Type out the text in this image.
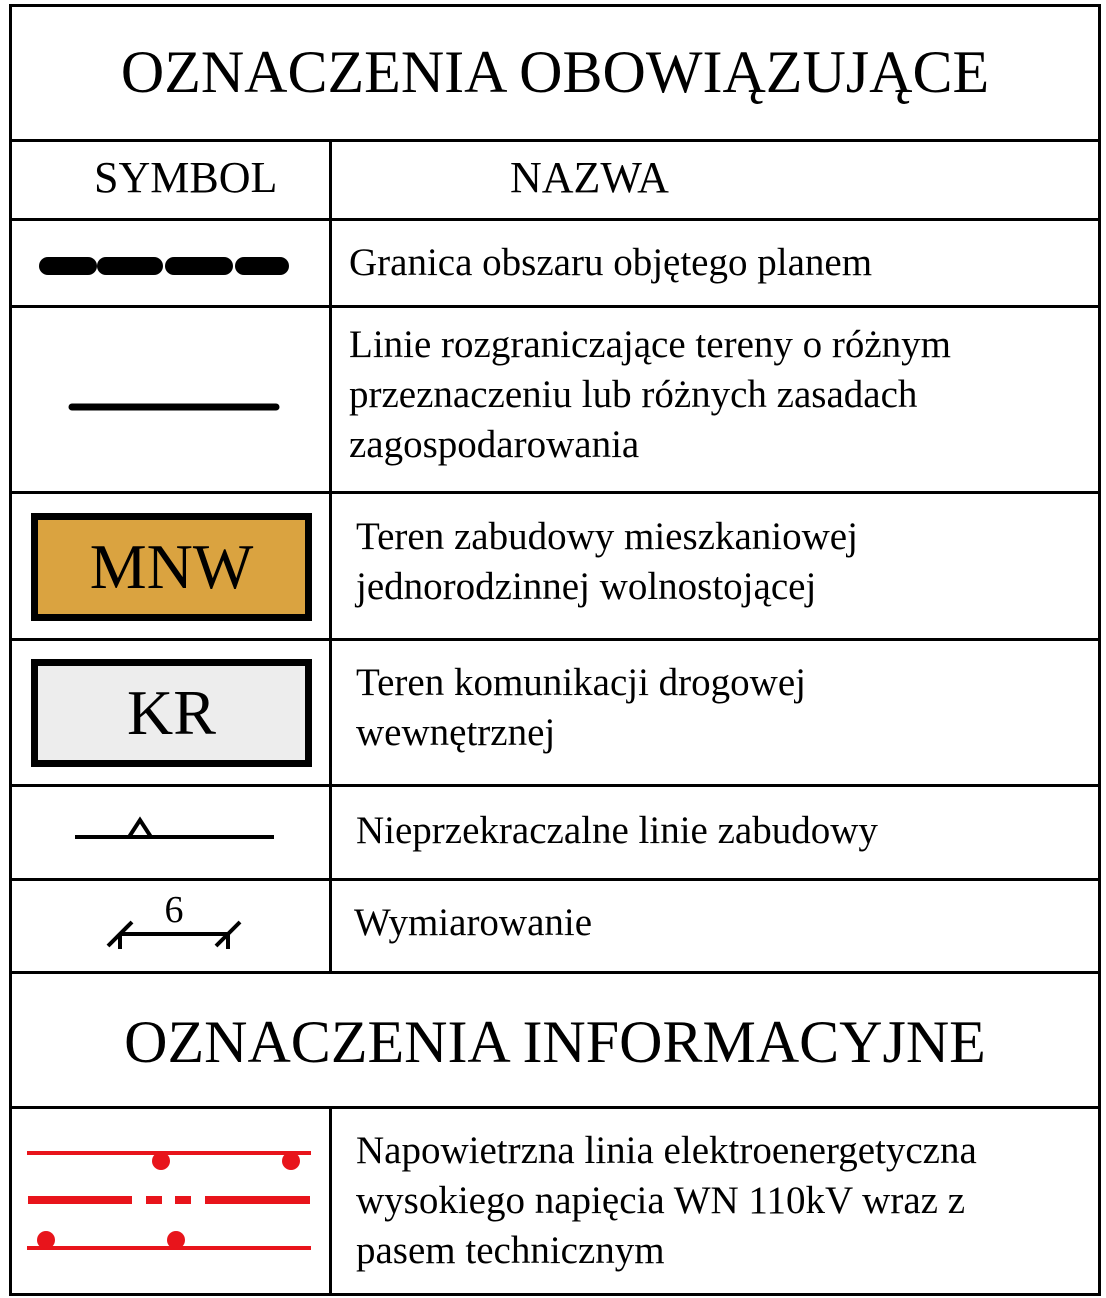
OZNACZENIA OBOWIĄZUJĄCE
OZNACZENIA INFORMACYJNE
SYMBOL	NAZWA
Granica obszaru objętego planem
Linie rozgraniczające tereny o różnym
przeznaczeniu lub różnych zasadach
zagospodarowania
Teren zabudowy mieszkaniowej
jednorodzinnej wolnostojącej
Teren komunikacji drogowej
wewnętrznej
Nieprzekraczalne linie zabudowy
Wymiarowanie
Napowietrzna linia elektroenergetyczna
wysokiego napięcia WN 110kV wraz z
pasem technicznym
6
MNW
KR
